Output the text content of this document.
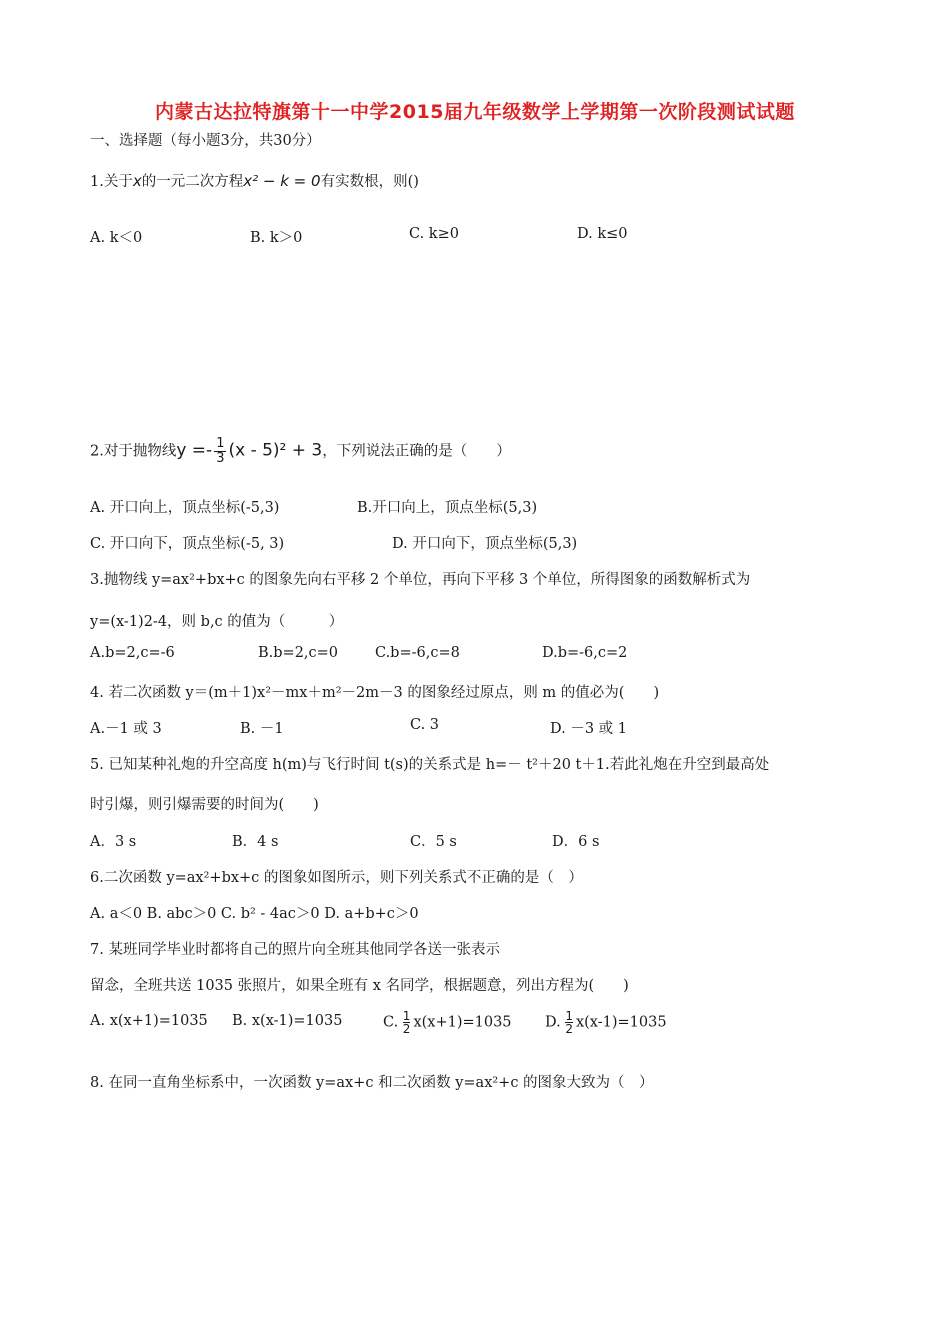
内蒙古达拉特旗第十一中学2015届九年级数学上学期第一次阶段测试试题
一、选择题（每小题3分，共30分）
1.关于x的一元二次方程x² − k = 0有实数根，则()
A. k＜0	B. k＞0	C. k≥0	D. k≤0
2.对于抛物线$y =- \frac{1}{3} (x - 5)^2 + 3$，下列说法正确的是（　　）
A. 开口向上，顶点坐标(-5,3)	B.开口向上，顶点坐标(5,3)
C. 开口向下，顶点坐标(-5, 3)	D. 开口向下，顶点坐标(5,3)
3.抛物线 y=ax²+bx+c 的图象先向右平移 2 个单位，再向下平移 3 个单位，所得图象的函数解析式为
y=(x-1)2-4，则 b,c 的值为（　　　）
A.b=2,c=-6	B.b=2,c=0	C.b=-6,c=8	D.b=-6,c=2
4. 若二次函数 y＝(m＋1)x²－mx＋m²－2m－3 的图象经过原点，则 m 的值必为(　　)
A.－1 或 3	B. －1	C. 3	D. －3 或 1
5. 已知某种礼炮的升空高度 h(m)与飞行时间 t(s)的关系式是 h=－ t²＋20 t＋1.若此礼炮在升空到最高处
时引爆，则引爆需要的时间为(　　)
A．3 s	B．4 s	C．5 s	D．6 s
6.二次函数 y=ax²+bx+c 的图象如图所示，则下列关系式不正确的是（　）
A. a＜0 B. abc＞0 C. b² - 4ac＞0 D. a+b+c＞0
7. 某班同学毕业时都将自己的照片向全班其他同学各送一张表示
留念，全班共送 1035 张照片，如果全班有 x 名同学，根据题意，列出方程为(　　)
A. x(x+1)=1035 B. x(x-1)=1035	C. $\frac{1}{2} x(x+1)=1035$ D. $\frac{1}{2} x(x-1)=1035$
8. 在同一直角坐标系中，一次函数 y=ax+c 和二次函数 y=ax²+c 的图象大致为（　）
